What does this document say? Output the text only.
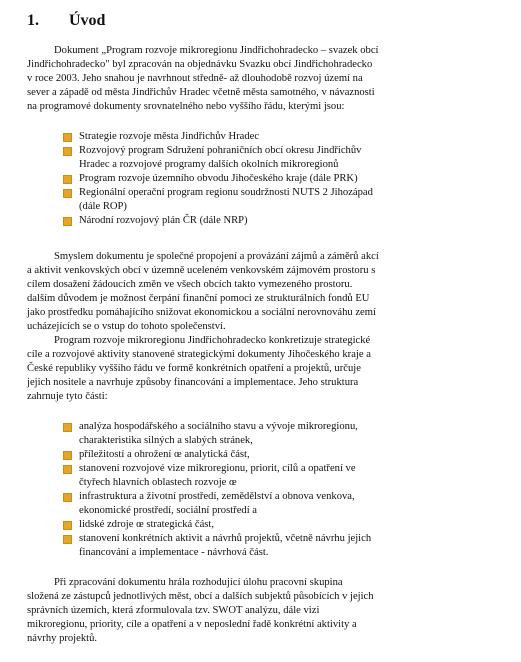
1. Úvod
Dokument „Program rozvoje mikroregionu Jindřichohradecko – svazek obcí
Jindřichohradecko" byl zpracován na objednávku Svazku obcí Jindřichohradecko
v roce 2003. Jeho snahou je navrhnout středně- až dlouhodobě rozvoj území na
sever a západě od města Jindřichův Hradec včetně města samotného, v návaznosti
na programové dokumenty srovnatelného nebo vyššího řádu, kterými jsou:
Strategie rozvoje města Jindřichův Hradec
Rozvojový program Sdružení pohraničních obcí okresu Jindřichův
Hradec a rozvojové programy dalších okolních mikroregionů
Program rozvoje územního obvodu Jihočeského kraje (dále PRK)
Regionální operační program regionu soudržnosti NUTS 2 Jihozápad
(dále ROP)
Národní rozvojový plán ČR (dále NRP)
Smyslem dokumentu je společné propojení a provázání zájmů a záměrů akcí
a aktivit venkovských obcí v územně uceleném venkovském zájmovém prostoru s
cílem dosažení žádoucích změn ve všech obcích takto vymezeného prostoru.
dalším důvodem je možnost čerpání finanční pomoci ze strukturálních fondů EU
jako prostředku pomáhajícího snižovat ekonomickou a sociální nerovnováhu zemí
ucházejících se o vstup do tohoto společenství.
Program rozvoje mikroregionu Jindřichohradecko konkretizuje strategické
cíle a rozvojové aktivity stanovené strategickými dokumenty Jihočeského kraje a
České republiky vyššího řádu ve formě konkrétních opatření a projektů, určuje
jejich nositele a navrhuje způsoby financování a implementace. Jeho struktura
zahrnuje tyto části:
analýza hospodářského a sociálního stavu a vývoje mikroregionu,
charakteristika silných a slabých stránek,
příležitostí a ohrožení œ analytická část,
stanovení rozvojové vize mikroregionu, priorit, cílů a opatření ve
čtyřech hlavních oblastech rozvoje œ
infrastruktura a životní prostředí, zemědělství a obnova venkova,
ekonomické prostředí, sociální prostředí a
lidské zdroje œ strategická část,
stanovení konkrétních aktivit a návrhů projektů, včetně návrhu jejich
financování a implementace - návrhová část.
Při zpracování dokumentu hrála rozhodující úlohu pracovní skupina
složená ze zástupců jednotlivých měst, obcí a dalších subjektů působících v jejich
správních územích, která zformulovala tzv. SWOT analýzu, dále vizi
mikroregionu, priority, cíle a opatření a v neposlední řadě konkrétní aktivity a
návrhy projektů.
